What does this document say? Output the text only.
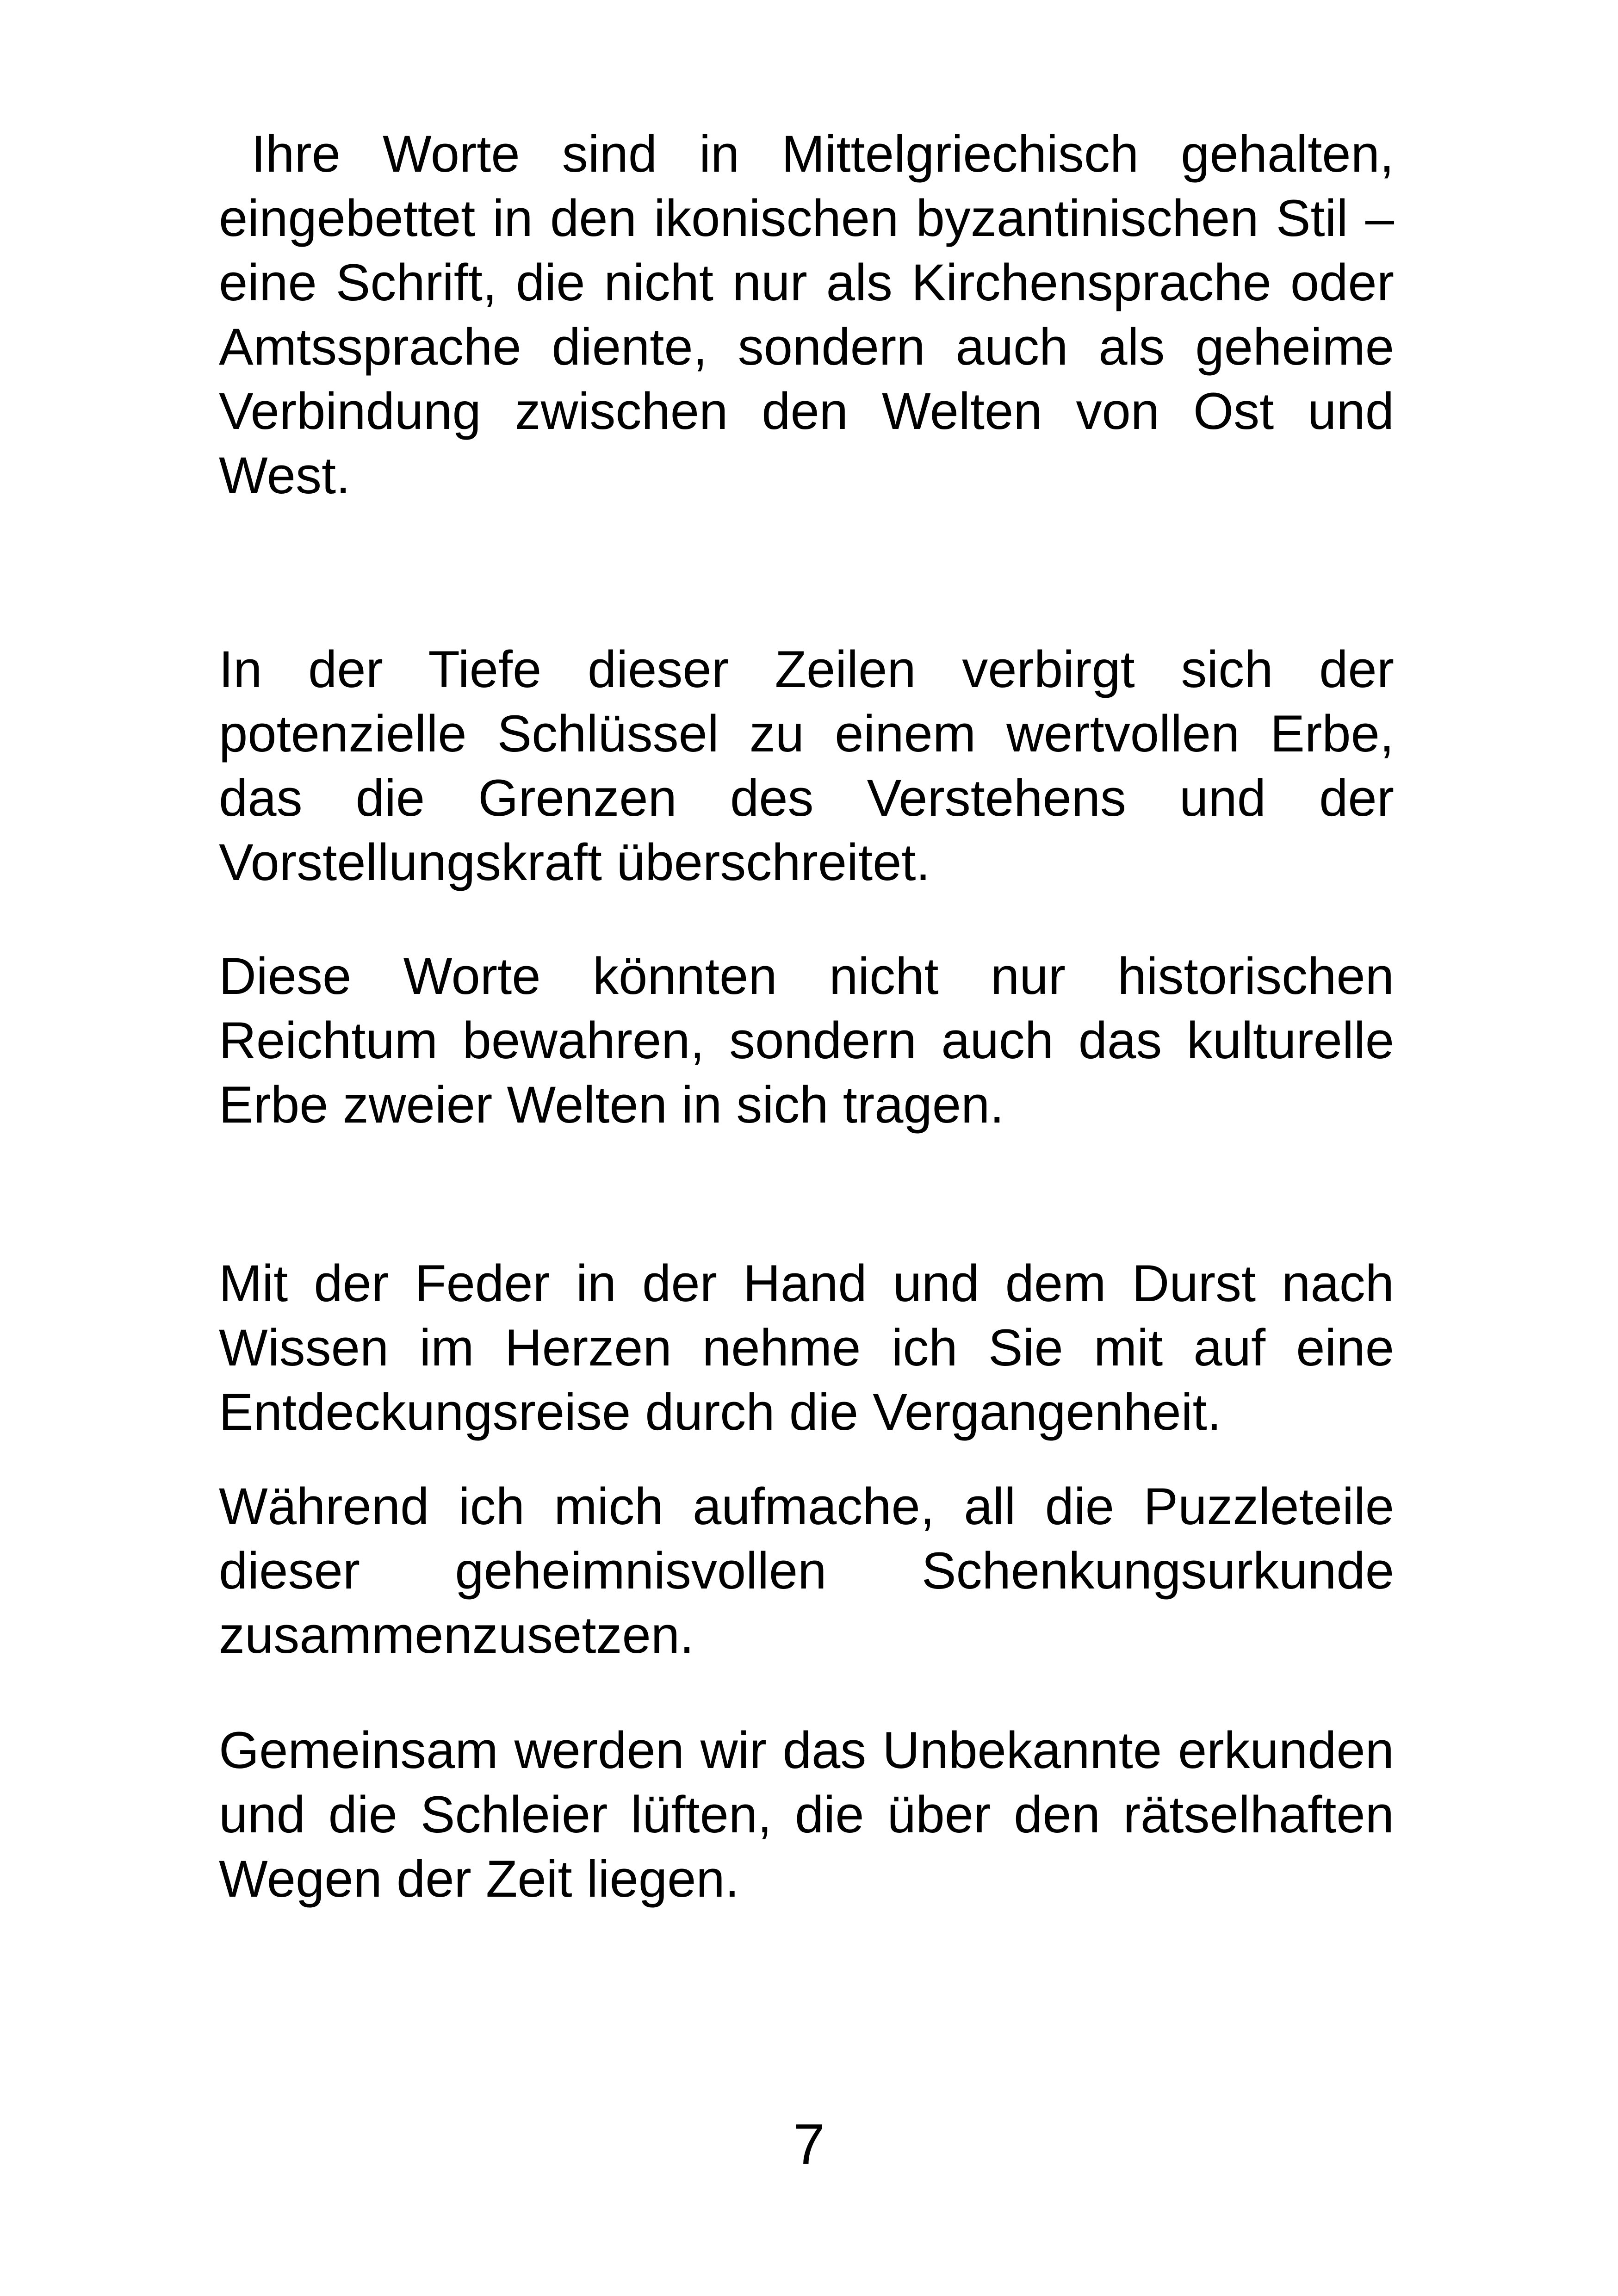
Ihre Worte sind in Mittelgriechisch gehalten, eingebettet in den ikonischen byzantinischen Stil – eine Schrift, die nicht nur als Kirchensprache oder Amtssprache diente, sondern auch als geheime Verbindung zwischen den Welten von Ost und West.

In der Tiefe dieser Zeilen verbirgt sich der potenzielle Schlüssel zu einem wertvollen Erbe, das die Grenzen des Verstehens und der Vorstellungskraft überschreitet.

Diese Worte könnten nicht nur historischen Reichtum bewahren, sondern auch das kulturelle Erbe zweier Welten in sich tragen.

Mit der Feder in der Hand und dem Durst nach Wissen im Herzen nehme ich Sie mit auf eine Entdeckungsreise durch die Vergangenheit.

Während ich mich aufmache, all die Puzzleteile dieser geheimnisvollen Schenkungsurkunde zusammenzusetzen.

Gemeinsam werden wir das Unbekannte erkunden und die Schleier lüften, die über den rätselhaften Wegen der Zeit liegen.

7
